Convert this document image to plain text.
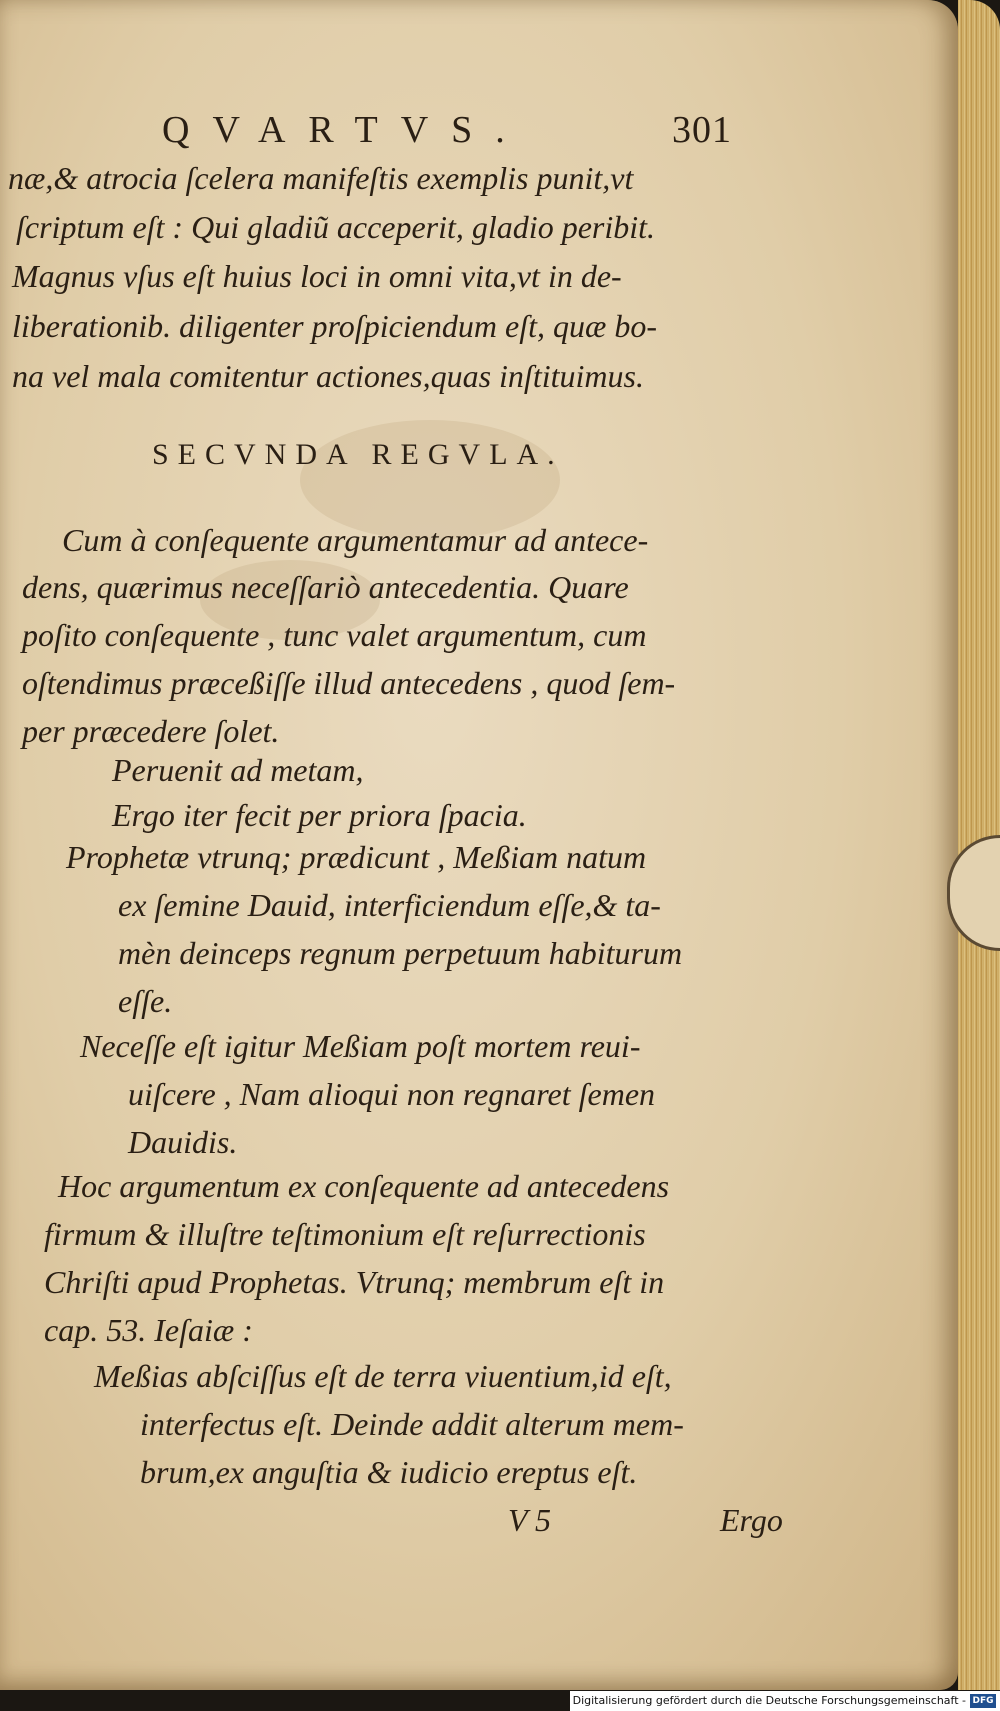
QVARTVS.	301
næ,& atrocia ſcelera manifeſtis exemplis punit,vt
ſcriptum eſt : Qui gladiũ acceperit, gladio peribit.
Magnus vſus eſt huius loci in omni vita,vt in de-
liberationib. diligenter proſpiciendum eſt, quæ bo-
na vel mala comitentur actiones,quas inſtituimus.
SECVNDA REGVLA.
Cum à conſequente argumentamur ad antece-
dens, quærimus neceſſariò antecedentia. Quare
poſito conſequente , tunc valet argumentum, cum
oſtendimus præceßiſſe illud antecedens , quod ſem-
per præcedere ſolet.
Peruenit ad metam,
Ergo iter fecit per priora ſpacia.
Prophetæ vtrunq; prædicunt , Meßiam natum
ex ſemine Dauid, interficiendum eſſe,& ta-
mèn deinceps regnum perpetuum habiturum
eſſe.
Neceſſe eſt igitur Meßiam poſt mortem reui-
uiſcere , Nam alioqui non regnaret ſemen
Dauidis.
Hoc argumentum ex conſequente ad antecedens
firmum & illuſtre teſtimonium eſt reſurrectionis
Chriſti apud Prophetas. Vtrunq; membrum eſt in
cap. 53. Ieſaiæ :
Meßias abſciſſus eſt de terra viuentium,id eſt,
interfectus eſt. Deinde addit alterum mem-
brum,ex anguſtia & iudicio ereptus eſt.
V 5	Ergo
Digitalisierung gefördert durch die Deutsche Forschungsgemeinschaft - DFG
